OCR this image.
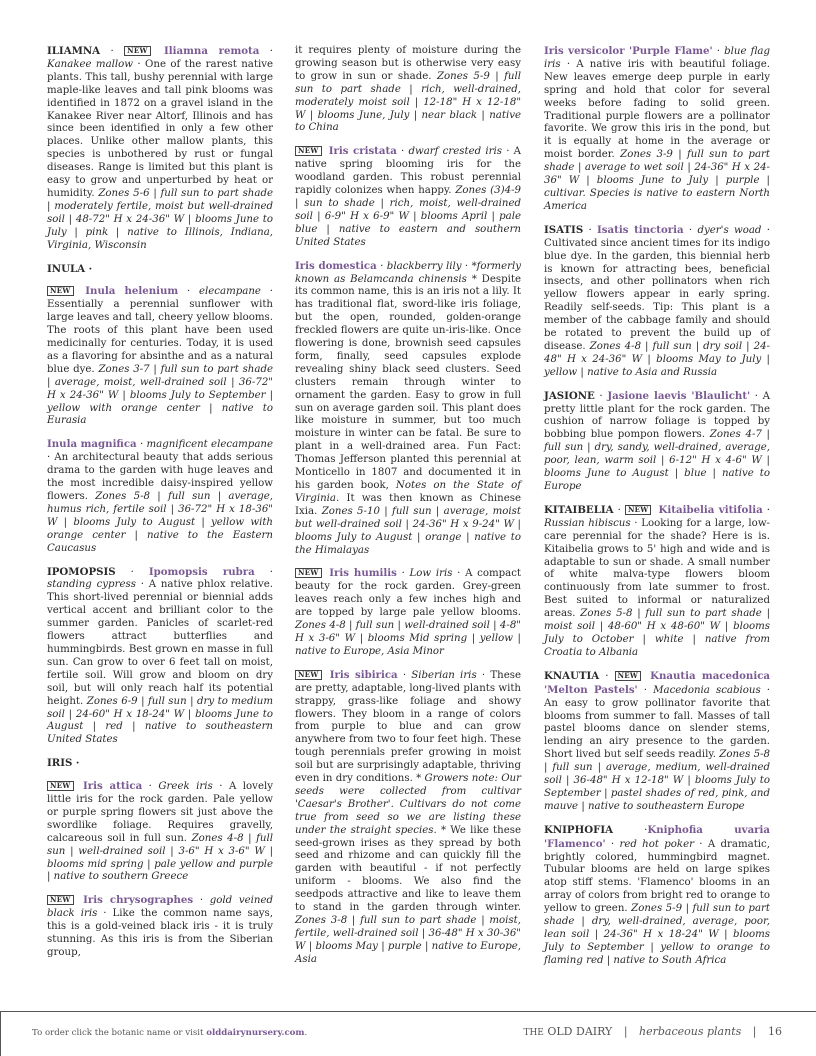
ILIAMNA · NEW Iliamna remota · Kanakee mallow · One of the rarest native plants. This tall, bushy perennial with large maple-like leaves and tall pink blooms was identified in 1872 on a gravel island in the Kanakee River near Altorf, Illinois and has since been identified in only a few other places. Unlike other mallow plants, this species is unbothered by rust or fungal diseases. Range is limited but this plant is easy to grow and unperturbed by heat or humidity. Zones 5-6 | full sun to part shade | moderately fertile, moist but well-drained soil | 48-72" H x 24-36" W | blooms June to July | pink | native to Illinois, Indiana, Virginia, Wisconsin

INULA ·

NEW Inula helenium · elecampane · Essentially a perennial sunflower with large leaves and tall, cheery yellow blooms. The roots of this plant have been used medicinally for centuries. Today, it is used as a flavoring for absinthe and as a natural blue dye. Zones 3-7 | full sun to part shade | average, moist, well-drained soil | 36-72" H x 24-36" W | blooms July to September | yellow with orange center | native to Eurasia

Inula magnifica · magnificent elecampane · An architectural beauty that adds serious drama to the garden with huge leaves and the most incredible daisy-inspired yellow flowers. Zones 5-8 | full sun | average, humus rich, fertile soil | 36-72" H x 18-36" W | blooms July to August | yellow with orange center | native to the Eastern Caucasus

IPOMOPSIS · Ipomopsis rubra · standing cypress · A native phlox relative. This short-lived perennial or biennial adds vertical accent and brilliant color to the summer garden. Panicles of scarlet-red flowers attract butterflies and hummingbirds. Best grown en masse in full sun. Can grow to over 6 feet tall on moist, fertile soil. Will grow and bloom on dry soil, but will only reach half its potential height. Zones 6-9 | full sun | dry to medium soil | 24-60" H x 18-24" W | blooms June to August | red | native to southeastern United States

IRIS ·

NEW Iris attica · Greek iris · A lovely little iris for the rock garden. Pale yellow or purple spring flowers sit just above the swordlike foliage. Requires gravelly, calcareous soil in full sun. Zones 4-8 | full sun | well-drained soil | 3-6" H x 3-6" W | blooms mid spring | pale yellow and purple | native to southern Greece

NEW Iris chrysographes · gold veined black iris · Like the common name says, this is a gold-veined black iris - it is truly stunning. As this iris is from the Siberian group,

it requires plenty of moisture during the growing season but is otherwise very easy to grow in sun or shade. Zones 5-9 | full sun to part shade | rich, well-drained, moderately moist soil | 12-18" H x 12-18" W | blooms June, July | near black | native to China

NEW Iris cristata · dwarf crested iris · A native spring blooming iris for the woodland garden. This robust perennial rapidly colonizes when happy. Zones (3)4-9 | sun to shade | rich, moist, well-drained soil | 6-9" H x 6-9" W | blooms April | pale blue | native to eastern and southern United States

Iris domestica · blackberry lily · *formerly known as Belamcanda chinensis * Despite its common name, this is an iris not a lily. It has traditional flat, sword-like iris foliage, but the open, rounded, golden-orange freckled flowers are quite un-iris-like. Once flowering is done, brownish seed capsules form, finally, seed capsules explode revealing shiny black seed clusters. Seed clusters remain through winter to ornament the garden. Easy to grow in full sun on average garden soil. This plant does like moisture in summer, but too much moisture in winter can be fatal. Be sure to plant in a well-drained area. Fun Fact: Thomas Jefferson planted this perennial at Monticello in 1807 and documented it in his garden book, Notes on the State of Virginia. It was then known as Chinese Ixia. Zones 5-10 | full sun | average, moist but well-drained soil | 24-36" H x 9-24" W | blooms July to August | orange | native to the Himalayas

NEW Iris humilis · Low iris · A compact beauty for the rock garden. Grey-green leaves reach only a few inches high and are topped by large pale yellow blooms. Zones 4-8 | full sun | well-drained soil | 4-8" H x 3-6" W | blooms Mid spring | yellow | native to Europe, Asia Minor

NEW Iris sibirica · Siberian iris · These are pretty, adaptable, long-lived plants with strappy, grass-like foliage and showy flowers. They bloom in a range of colors from purple to blue and can grow anywhere from two to four feet high. These tough perennials prefer growing in moist soil but are surprisingly adaptable, thriving even in dry conditions. * Growers note: Our seeds were collected from cultivar 'Caesar's Brother'. Cultivars do not come true from seed so we are listing these under the straight species. * We like these seed-grown irises as they spread by both seed and rhizome and can quickly fill the garden with beautiful - if not perfectly uniform - blooms. We also find the seedpods attractive and like to leave them to stand in the garden through winter. Zones 3-8 | full sun to part shade | moist, fertile, well-drained soil | 36-48" H x 30-36" W | blooms May | purple | native to Europe, Asia

Iris versicolor 'Purple Flame' · blue flag iris · A native iris with beautiful foliage. New leaves emerge deep purple in early spring and hold that color for several weeks before fading to solid green. Traditional purple flowers are a pollinator favorite. We grow this iris in the pond, but it is equally at home in the average or moist border. Zones 3-9 | full sun to part shade | average to wet soil | 24-36" H x 24-36" W | blooms June to July | purple | cultivar. Species is native to eastern North America

ISATIS · Isatis tinctoria · dyer's woad · Cultivated since ancient times for its indigo blue dye. In the garden, this biennial herb is known for attracting bees, beneficial insects, and other pollinators when rich yellow flowers appear in early spring. Readily self-seeds. Tip: This plant is a member of the cabbage family and should be rotated to prevent the build up of disease. Zones 4-8 | full sun | dry soil | 24-48" H x 24-36" W | blooms May to July | yellow | native to Asia and Russia

JASIONE · Jasione laevis 'Blaulicht' · A pretty little plant for the rock garden. The cushion of narrow foliage is topped by bobbing blue pompon flowers. Zones 4-7 | full sun | dry, sandy, well-drained, average, poor, lean, warm soil | 6-12" H x 4-6" W | blooms June to August | blue | native to Europe

KITAIBELIA · NEW Kitaibelia vitifolia · Russian hibiscus · Looking for a large, low-care perennial for the shade? Here is is. Kitaibelia grows to 5' high and wide and is adaptable to sun or shade. A small number of white malva-type flowers bloom continuously from late summer to frost. Best suited to informal or naturalized areas. Zones 5-8 | full sun to part shade | moist soil | 48-60" H x 48-60" W | blooms July to October | white | native from Croatia to Albania

KNAUTIA · NEW Knautia macedonica 'Melton Pastels' · Macedonia scabious · An easy to grow pollinator favorite that blooms from summer to fall. Masses of tall pastel blooms dance on slender stems, lending an airy presence to the garden. Short lived but self seeds readily. Zones 5-8 | full sun | average, medium, well-drained soil | 36-48" H x 12-18" W | blooms July to September | pastel shades of red, pink, and mauve | native to southeastern Europe

KNIPHOFIA ·Kniphofia uvaria 'Flamenco' · red hot poker · A dramatic, brightly colored, hummingbird magnet. Tubular blooms are held on large spikes atop stiff stems. 'Flamenco' blooms in an array of colors from bright red to orange to yellow to green. Zones 5-9 | full sun to part shade | dry, well-drained, average, poor, lean soil | 24-36" H x 18-24" W | blooms July to September | yellow to orange to flaming red | native to South Africa

To order click the botanic name or visit olddairynursery.com.	THE OLD DAIRY | herbaceous plants | 16
